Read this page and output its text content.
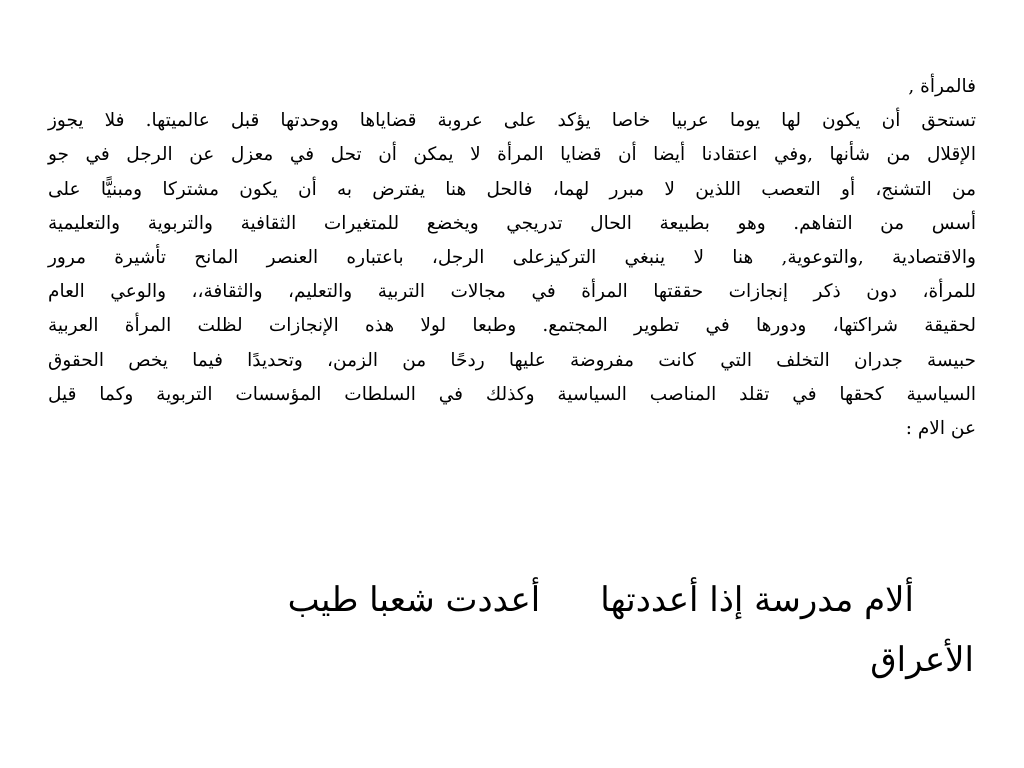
فالمرأة ,
تستحق أن يكون لها يوما عربيا خاصا يؤكد على عروبة قضاياها ووحدتها قبل عالميتها. فلا يجوز
الإقلال من شأنها ,وفي اعتقادنا أيضا أن قضايا المرأة لا يمكن أن تحل في معزل عن الرجل في جو
من التشنج، أو التعصب اللذين لا مبرر لهما، فالحل هنا يفترض به أن يكون مشتركا ومبنيًّا على
أسس من التفاهم. وهو بطبيعة الحال تدريجي ويخضع للمتغيرات الثقافية والتربوية والتعليمية
والاقتصادية ,والتوعوية, هنا لا ينبغي التركيزعلى الرجل، باعتباره العنصر المانح تأشيرة مرور
للمرأة، دون ذكر إنجازات حققتها المرأة في مجالات التربية والتعليم، والثقافة،، والوعي العام
لحقيقة شراكتها، ودورها في تطوير المجتمع. وطبعا لولا هذه الإنجازات لظلت المرأة العربية
حبيسة جدران التخلف التي كانت مفروضة عليها ردحًا من الزمن، وتحديدًا فيما يخص الحقوق
السياسية كحقها في تقلد المناصب السياسية وكذلك في السلطات المؤسسات التربوية وكما قيل
عن الام :
ألام مدرسة إذا أعددتهاأعددت شعبا طيب
الأعراق
